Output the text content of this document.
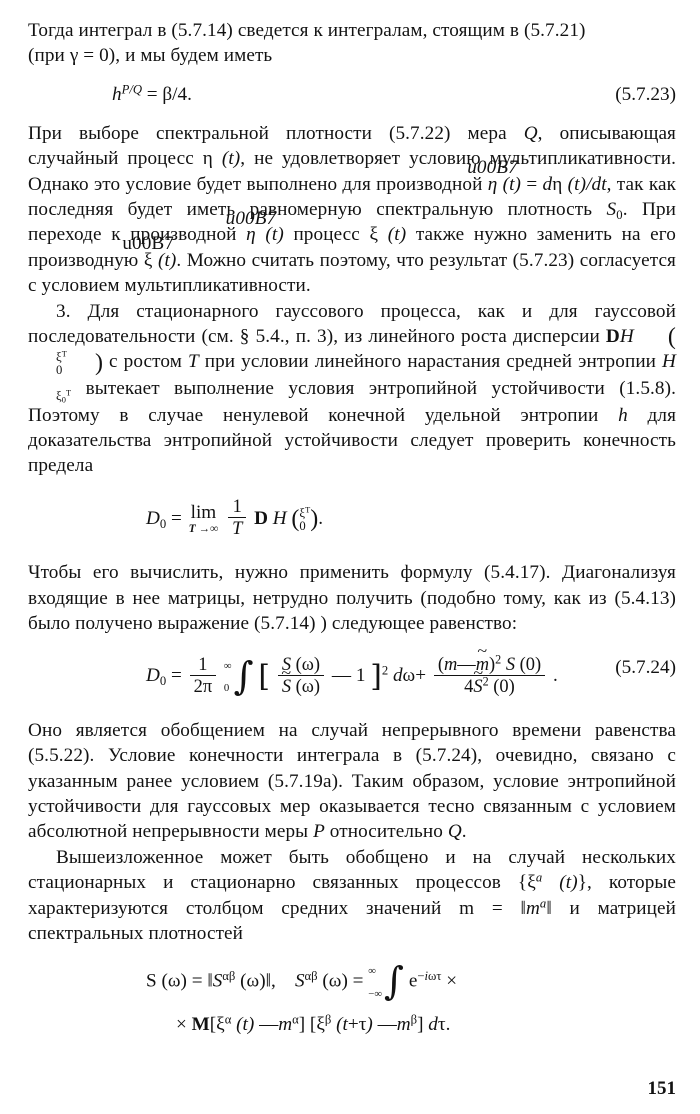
Тогда интеграл в (5.7.14) сведется к интегралам, стоящим в (5.7.21)
(при γ = 0), и мы будем иметь

$h^{P/Q} = \beta/4$.	(5.7.23)

При выборе спектральной плотности (5.7.22) мера Q, описывающая случайный процесс η (t), не удовлетворяет условию мультипликативности. Однако это условие будет выполнено для производной u00B7 η (t) = dη (t)/dt, так как последняя будет иметь равномерную спектральную плотность $S_0$. При переходе к производной u00B7 η (t) процесс ξ (t) также нужно заменить на его производную u00B7 ξ (t). Можно считать поэтому, что результат (5.7.23) согласуется с условием мультипликативности.

3. Для стационарного гауссового процесса, как и для гауссовой последовательности (см. § 5.4., п. 3), из линейного роста дисперсии DH (
$\xi^T$
0 ) с ростом T при условии линейного нарастания средней энтропии H

$\xi_0^T$ вытекает выполнение условия энтропийной устойчивости (1.5.8). Поэтому в случае ненулевой конечной удельной энтропии h для доказательства энтропийной устойчивости следует проверить конечность предела

$D_0 = \lim$
T →∞
$\frac{1}{T}$ D H ( $\xi^T$
0 ).

Чтобы его вычислить, нужно применить формулу (5.4.17). Диагонализуя входящие в нее матрицы, нетрудно получить (подобно тому, как из (5.4.13) было получено выражение (5.7.14) ) следующее равенство:

$D_0 = \frac{1}{2\pi}$
∞

0 ∫ [ S (ω)
~ S (ω) — 1 ]$^2$ $d\omega+ \frac{(m—\sim m)^2 S (0)}{4\sim S^2 (0)}$ .	(5.7.24)

Оно является обобщением на случай непрерывного времени равенства (5.5.22). Условие конечности интеграла в (5.7.24), очевидно, связано с указанным ранее условием (5.7.19а). Таким образом, условие энтропийной устойчивости для гауссовых мер оказывается тесно связанным с условием абсолютной непрерывности меры P относительно Q.

Вышеизложенное может быть обобщено и на случай нескольких стационарных и стационарно связанных процессов {$\xi^a$ (t)}, которые характеризуются столбцом средних значений $m = ‖m^a‖$ и матрицей спектральных плотностей

S $(\omega) = ‖S^{\alpha\beta}$ (ω)‖,    $S^{\alpha\beta}$ (ω) = ∞

−∞ ∫ $e^{-i\omega\tau}$ ×
× $M[\xi^\alpha$ (t) $—m^\alpha$] [$\xi^\beta$ (t+τ) $—m^\beta$] dτ.
151
